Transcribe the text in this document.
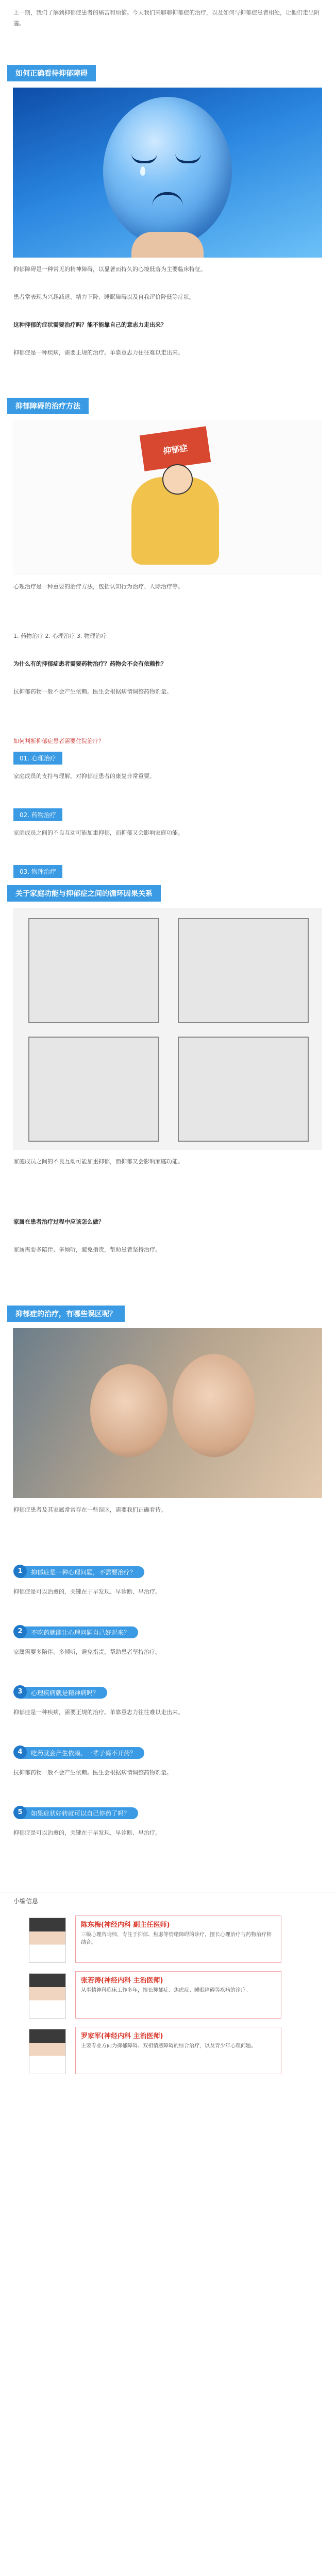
上一期，我们了解到抑郁症患者的痛苦和烦恼。今天我们来聊聊抑郁症的治疗，以及如何与抑郁症患者相处，让他们走出阴霾。
如何正确看待抑郁障碍
抑郁障碍是一种常见的精神障碍，以显著而持久的心境低落为主要临床特征。
患者常表现为兴趣减退、精力下降、睡眠障碍以及自我评价降低等症状。
这种抑郁的症状需要治疗吗？能不能靠自己的意志力走出来？
抑郁症是一种疾病，需要正规的治疗。单靠意志力往往难以走出来。
抑郁障碍的治疗方法
抑郁症
心理治疗是一种重要的治疗方法，包括认知行为治疗、人际治疗等。
1. 药物治疗 2. 心理治疗 3. 物理治疗
为什么有的抑郁症患者需要药物治疗？药物会不会有依赖性？
抗抑郁药物一般不会产生依赖。医生会根据病情调整药物剂量。
如何判断抑郁症患者需要住院治疗？
01. 心理治疗
家庭成员的支持与理解，对抑郁症患者的康复非常重要。
02. 药物治疗
家庭成员之间的不良互动可能加重抑郁，而抑郁又会影响家庭功能。
03. 物理治疗
关于家庭功能与抑郁症之间的循环因果关系
家庭成员之间的不良互动可能加重抑郁，而抑郁又会影响家庭功能。
家属在患者治疗过程中应该怎么做？
家属需要多陪伴、多倾听，避免指责，帮助患者坚持治疗。
抑郁症的治疗，有哪些误区呢？
抑郁症患者及其家属常常存在一些误区，需要我们正确看待。
抑郁症是一种心理问题，不需要治疗？
1
抑郁症是可以治愈的，关键在于早发现、早诊断、早治疗。
不吃药就能让心理问题自己好起来？
2
家属需要多陪伴、多倾听，避免指责，帮助患者坚持治疗。
心理疾病就是精神病吗？
3
抑郁症是一种疾病，需要正规的治疗。单靠意志力往往难以走出来。
吃药就会产生依赖、一辈子离不开药？
4
抗抑郁药物一般不会产生依赖。医生会根据病情调整药物剂量。
如果症状好转就可以自己停药了吗？
5
抑郁症是可以治愈的，关键在于早发现、早诊断、早治疗。
小编信息
陈东梅(神经内科 副主任医师)
三级心理咨询师，专注于抑郁、焦虑等情绪障碍的诊疗，擅长心理治疗与药物治疗相结合。
张若涛(神经内科 主治医师)
从事精神科临床工作多年，擅长抑郁症、焦虑症、睡眠障碍等疾病的诊疗。
罗家军(神经内科 主治医师)
主要专业方向为抑郁障碍、双相情感障碍的综合治疗，以及青少年心理问题。
